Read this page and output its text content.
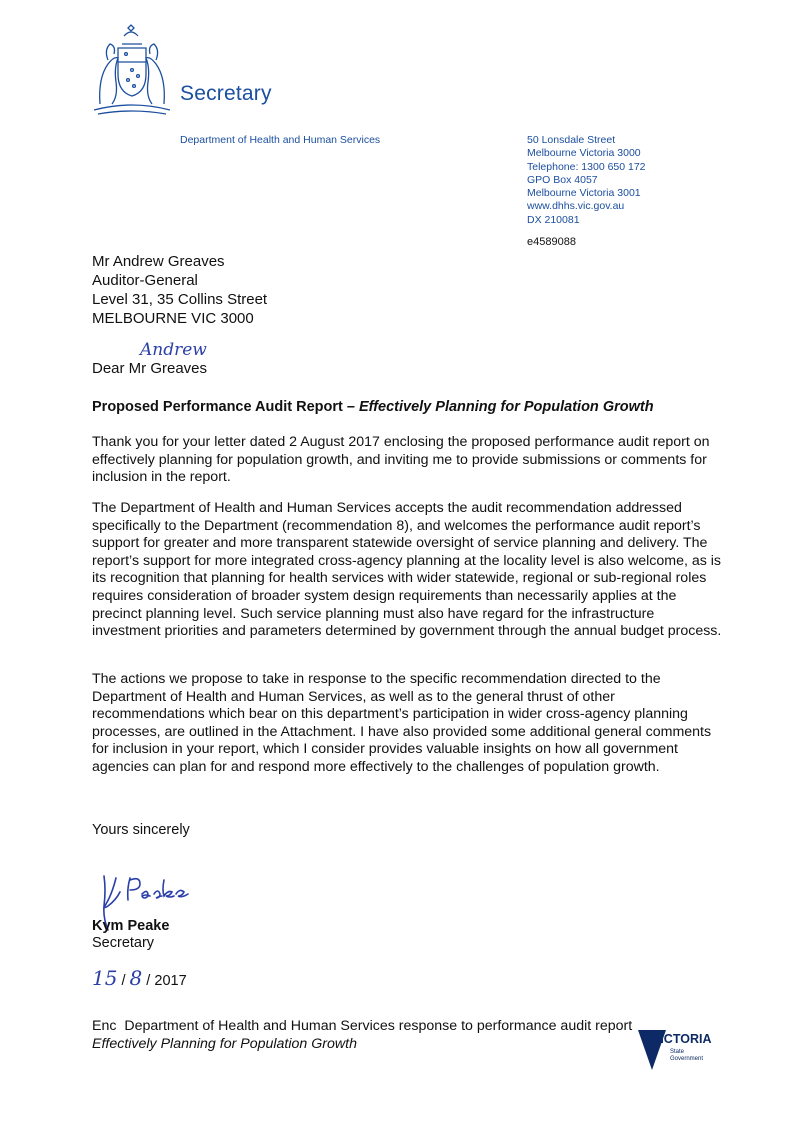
Secretary
Department of Health and Human Services	50 Lonsdale Street
Melbourne Victoria 3000
Telephone: 1300 650 172
GPO Box 4057
Melbourne Victoria 3001
www.dhhs.vic.gov.au
DX 210081
e4589088
Mr Andrew Greaves
Auditor-General
Level 31, 35 Collins Street
MELBOURNE VIC 3000
Andrew
Dear Mr Greaves
Proposed Performance Audit Report – Effectively Planning for Population Growth

Thank you for your letter dated 2 August 2017 enclosing the proposed performance audit report on effectively planning for population growth, and inviting me to provide submissions or comments for inclusion in the report.

The Department of Health and Human Services accepts the audit recommendation addressed specifically to the Department (recommendation 8), and welcomes the performance audit report’s support for greater and more transparent statewide oversight of service planning and delivery. The report’s support for more integrated cross-agency planning at the locality level is also welcome, as is its recognition that planning for health services with wider statewide, regional or sub-regional roles requires consideration of broader system design requirements than necessarily applies at the precinct planning level. Such service planning must also have regard for the infrastructure investment priorities and parameters determined by government through the annual budget process.

The actions we propose to take in response to the specific recommendation directed to the Department of Health and Human Services, as well as to the general thrust of other recommendations which bear on this department’s participation in wider cross-agency planning processes, are outlined in the Attachment. I have also provided some additional general comments for inclusion in your report, which I consider provides valuable insights on how all government agencies can plan for and respond more effectively to the challenges of population growth.

Yours sincerely
Kym Peake
Secretary
15 / 8 / 2017
Enc Department of Health and Human Services response to performance audit report
Effectively Planning for Population Growth	VICTORIA
State
Government
